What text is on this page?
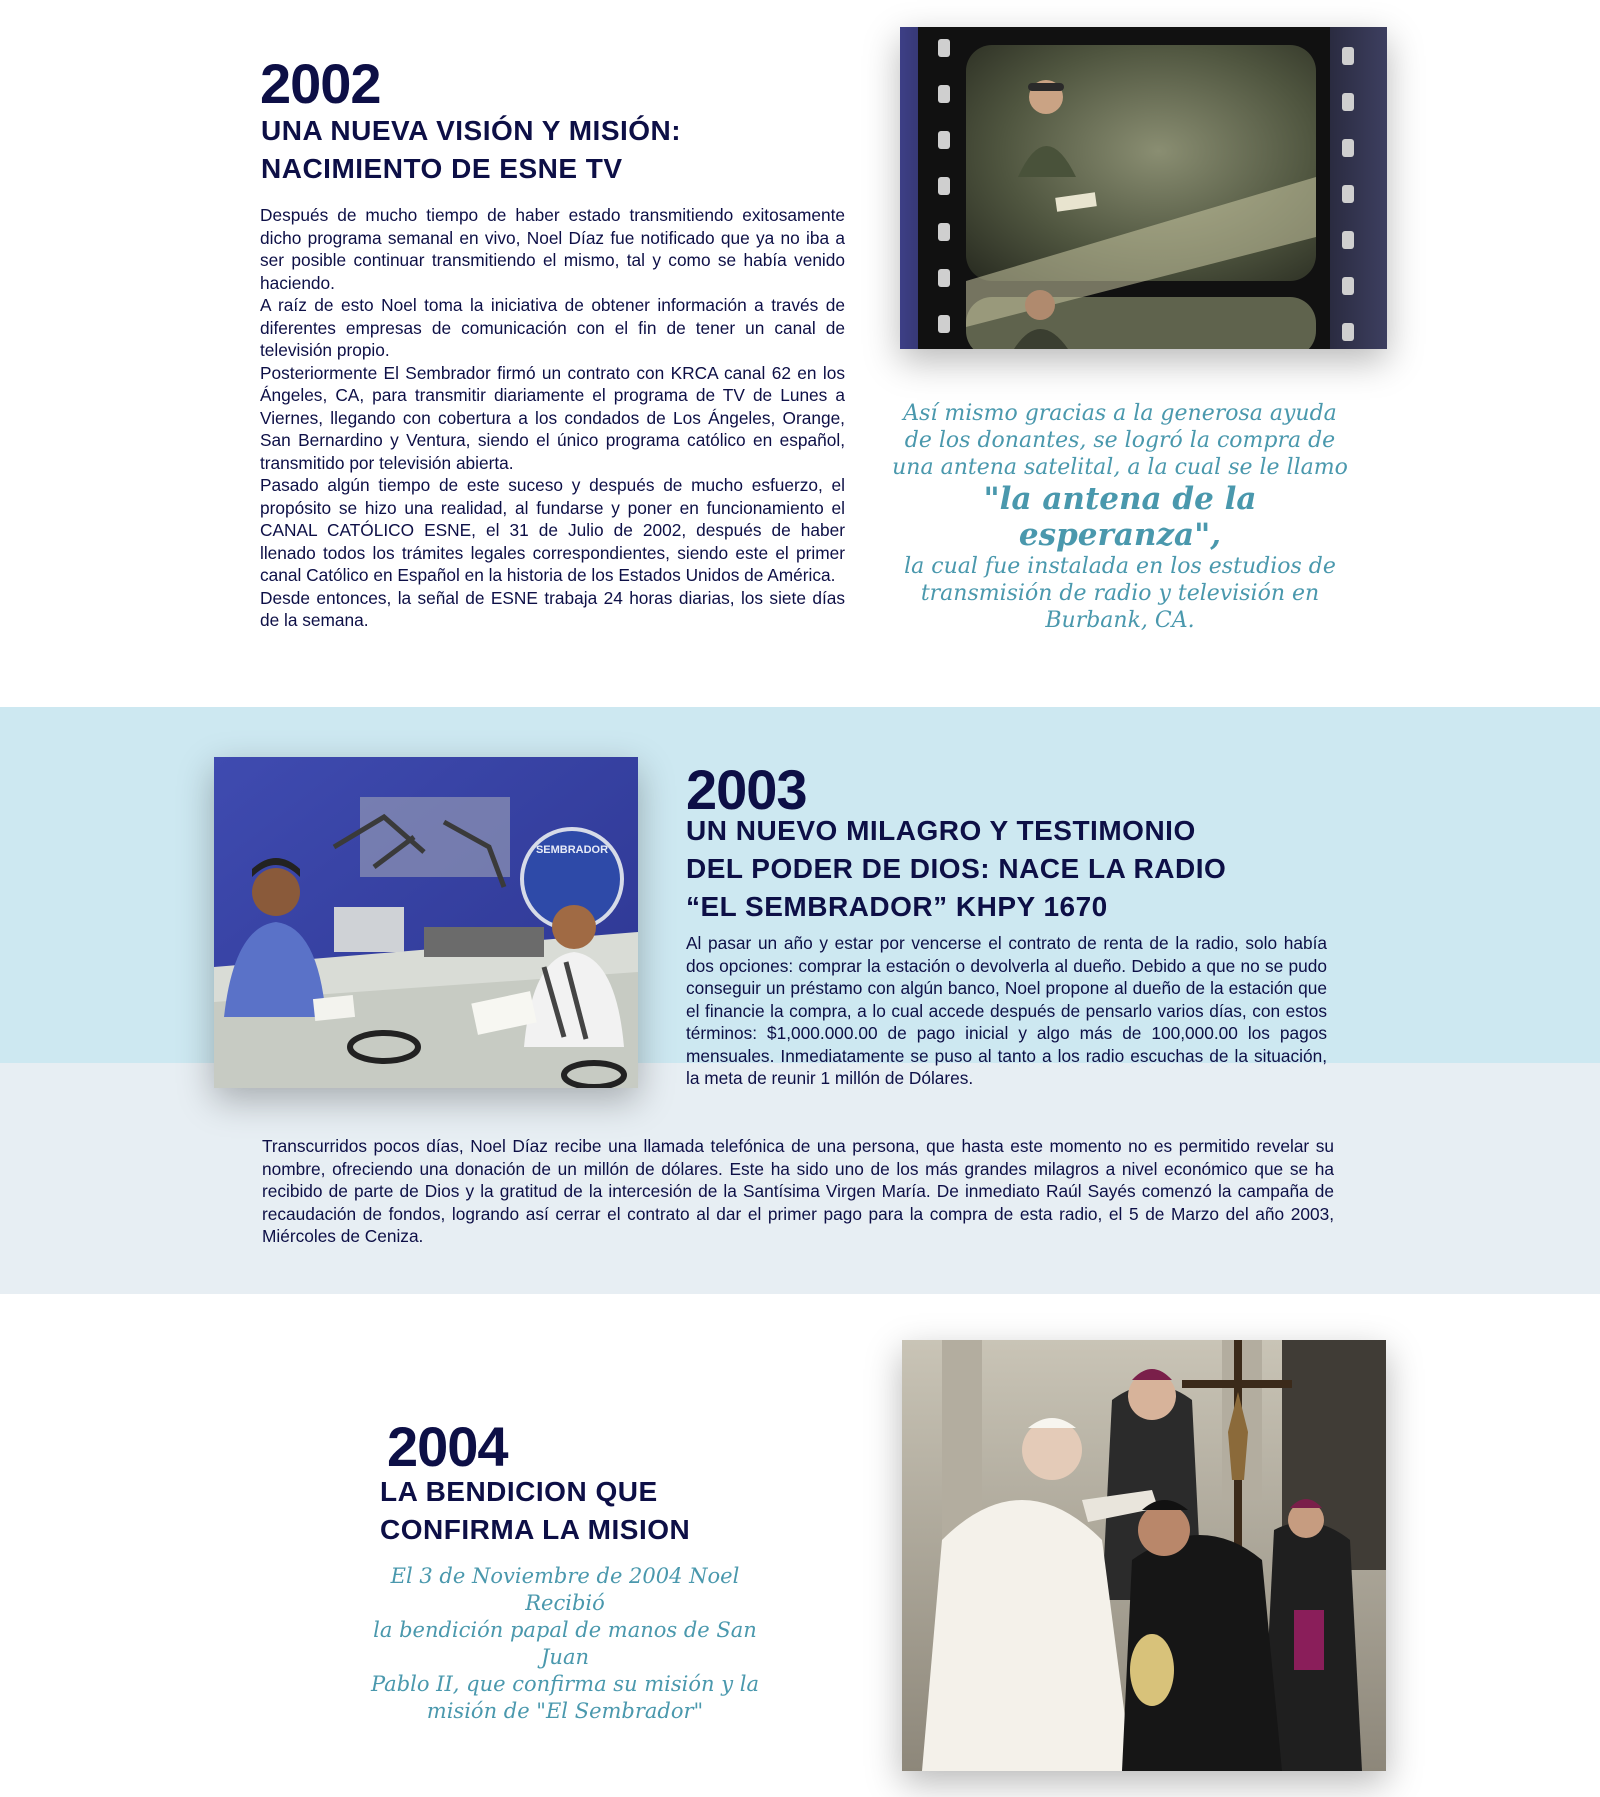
2002
UNA NUEVA VISIÓN Y MISIÓN:
NACIMIENTO DE ESNE TV

Después de mucho tiempo de haber estado transmitiendo exitosamente dicho programa semanal en vivo, Noel Díaz fue notificado que ya no iba a ser posible continuar transmitiendo el mismo, tal y como se había venido haciendo.

A raíz de esto Noel toma la iniciativa de obtener información a través de diferentes empresas de comunicación con el fin de tener un canal de televisión propio.

Posteriormente El Sembrador firmó un contrato con KRCA canal 62 en los Ángeles, CA, para transmitir diariamente el programa de TV de Lunes a Viernes, llegando con cobertura a los condados de Los Ángeles, Orange, San Bernardino y Ventura, siendo el único programa católico en español, transmitido por televisión abierta.

Pasado algún tiempo de este suceso y después de mucho esfuerzo, el propósito se hizo una realidad, al fundarse y poner en funcionamiento el CANAL CATÓLICO ESNE, el 31 de Julio de 2002, después de haber llenado todos los trámites legales correspondientes, siendo este el primer canal Católico en Español en la historia de los Estados Unidos de América.

Desde entonces, la señal de ESNE trabaja 24 horas diarias, los siete días de la semana.

Así mismo gracias a la generosa ayuda
de los donantes, se logró la compra de
una antena satelital, a la cual se le llamo
"la antena de la esperanza",
la cual fue instalada en los estudios de
transmisión de radio y televisión en
Burbank, CA.
SEMBRADOR
2003
UN NUEVO MILAGRO Y TESTIMONIO
DEL PODER DE DIOS: NACE LA RADIO
“EL SEMBRADOR” KHPY 1670

Al pasar un año y estar por vencerse el contrato de renta de la radio, solo había dos opciones: comprar la estación o devolverla al dueño. Debido a que no se pudo conseguir un préstamo con algún banco, Noel propone al dueño de la estación que el financie la compra, a lo cual accede después de pensarlo varios días, con estos términos: $1,000.000.00 de pago inicial y algo más de 100,000.00 los pagos mensuales. Inmediatamente se puso al tanto a los radio escuchas de la situación, la meta de reunir 1 millón de Dólares.

Transcurridos pocos días, Noel Díaz recibe una llamada telefónica de una persona, que hasta este momento no es permitido revelar su nombre, ofreciendo una donación de un millón de dólares. Este ha sido uno de los más grandes milagros a nivel económico que se ha recibido de parte de Dios y la gratitud de la intercesión de la Santísima Virgen María. De inmediato Raúl Sayés comenzó la campaña de recaudación de fondos, logrando así cerrar el contrato al dar el primer pago para la compra de esta radio, el 5 de Marzo del año 2003, Miércoles de Ceniza.

2004
LA BENDICION QUE
CONFIRMA LA MISION
El 3 de Noviembre de 2004 Noel Recibió
la bendición papal de manos de San Juan
Pablo II, que confirma su misión y la
misión de "El Sembrador"
